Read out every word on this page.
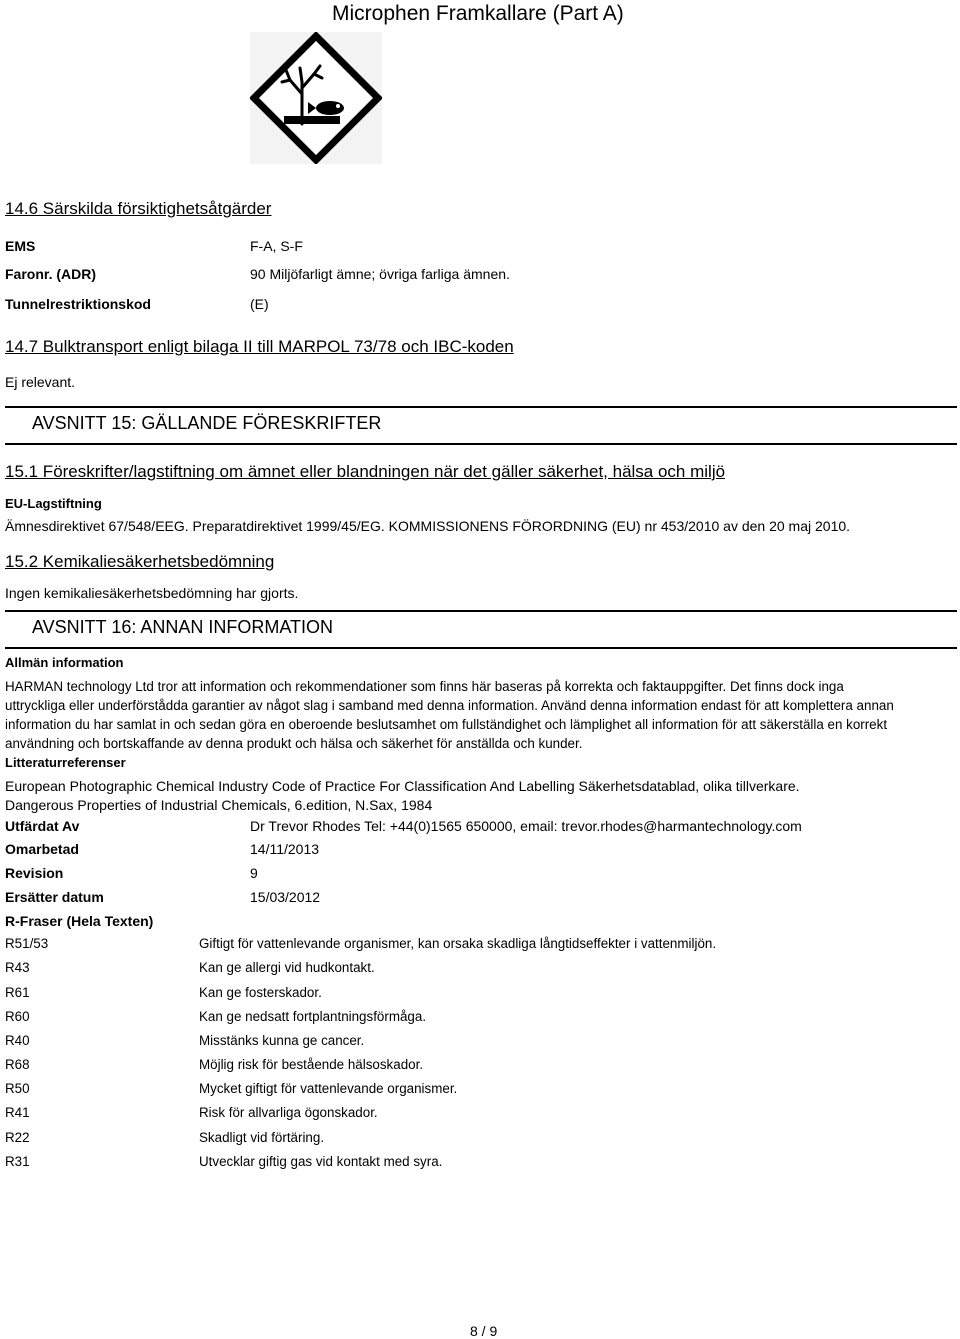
Microphen Framkallare (Part A)
14.6 Särskilda försiktighetsåtgärder
EMS	F-A, S-F
Faronr. (ADR)	90 Miljöfarligt ämne; övriga farliga ämnen.
Tunnelrestriktionskod	(E)
14.7 Bulktransport enligt bilaga II till MARPOL 73/78 och IBC-koden
Ej relevant.
AVSNITT 15: GÄLLANDE FÖRESKRIFTER
15.1 Föreskrifter/lagstiftning om ämnet eller blandningen när det gäller säkerhet, hälsa och miljö
EU-Lagstiftning
Ämnesdirektivet 67/548/EEG. Preparatdirektivet 1999/45/EG. KOMMISSIONENS FÖRORDNING (EU) nr 453/2010 av den 20 maj 2010.
15.2 Kemikaliesäkerhetsbedömning
Ingen kemikaliesäkerhetsbedömning har gjorts.
AVSNITT 16: ANNAN INFORMATION
Allmän information
HARMAN technology Ltd tror att information och rekommendationer som finns här baseras på korrekta och faktauppgifter. Det finns dock inga uttryckliga eller underförstådda garantier av något slag i samband med denna information. Använd denna information endast för att komplettera annan information du har samlat in och sedan göra en oberoende beslutsamhet om fullständighet och lämplighet all information för att säkerställa en korrekt användning och bortskaffande av denna produkt och hälsa och säkerhet för anställda och kunder.
Litteraturreferenser
European Photographic Chemical Industry Code of Practice For Classification And Labelling Säkerhetsdatablad, olika tillverkare.
Dangerous Properties of Industrial Chemicals, 6.edition, N.Sax, 1984
Utfärdat Av	Dr Trevor Rhodes Tel: +44(0)1565 650000, email: trevor.rhodes@harmantechnology.com
Omarbetad	14/11/2013
Revision	9
Ersätter datum	15/03/2012
R-Fraser (Hela Texten)
R51/53	Giftigt för vattenlevande organismer, kan orsaka skadliga långtidseffekter i vattenmiljön.
R43	Kan ge allergi vid hudkontakt.
R61	Kan ge fosterskador.
R60	Kan ge nedsatt fortplantningsförmåga.
R40	Misstänks kunna ge cancer.
R68	Möjlig risk för bestående hälsoskador.
R50	Mycket giftigt för vattenlevande organismer.
R41	Risk för allvarliga ögonskador.
R22	Skadligt vid förtäring.
R31	Utvecklar giftig gas vid kontakt med syra.
8 / 9
